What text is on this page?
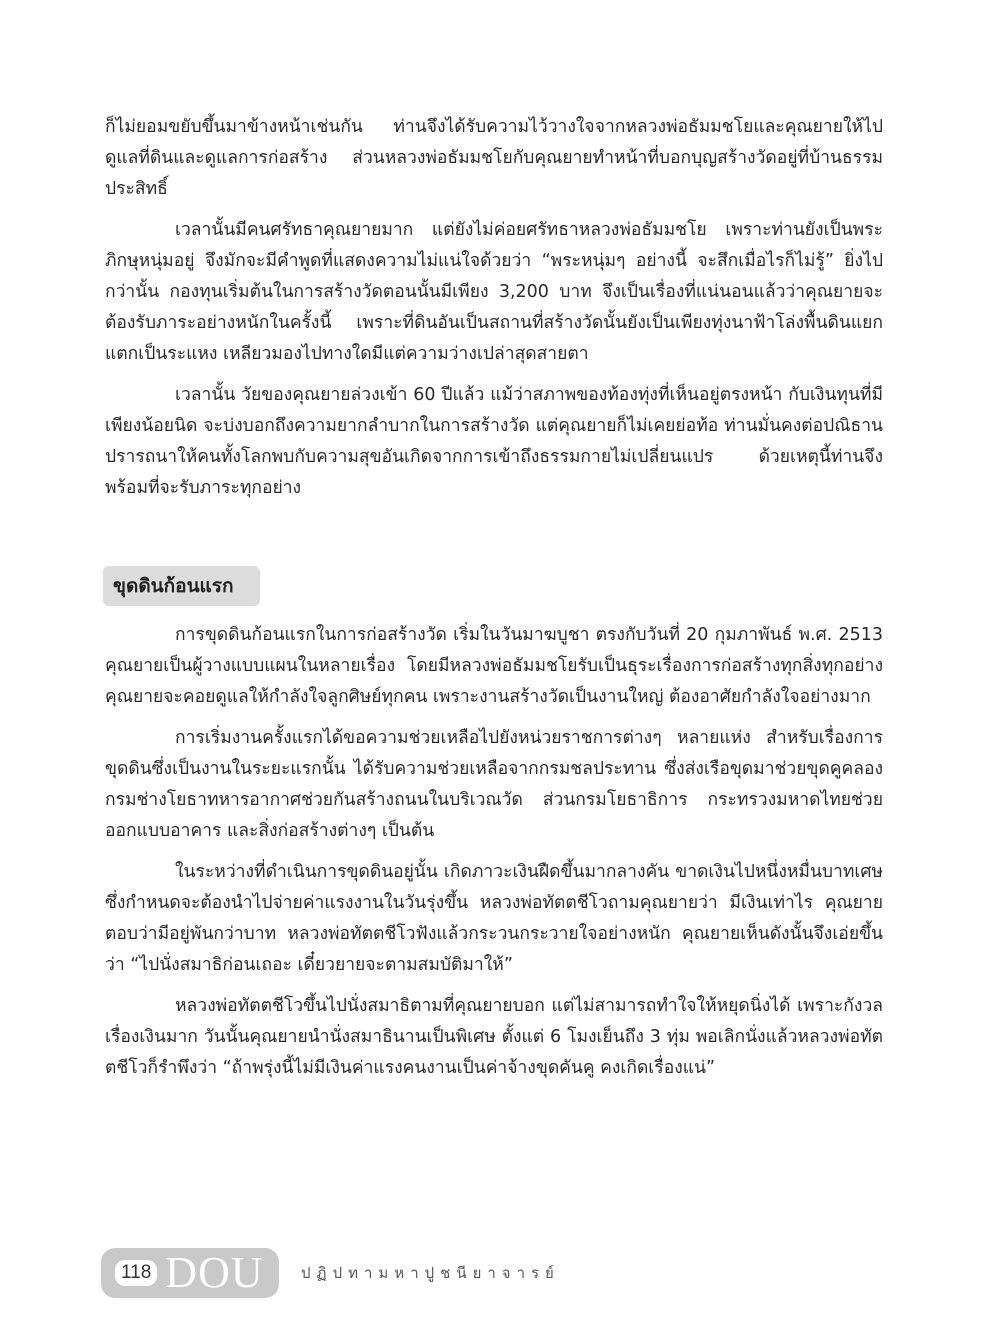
ก็ไม่ยอมขยับขึ้นมาข้างหน้าเช่นกัน ท่านจึงได้รับความไว้วางใจจากหลวงพ่อธัมมชโยและคุณยายให้ไปดูแลที่ดินและดูแลการก่อสร้าง ส่วนหลวงพ่อธัมมชโยกับคุณยายทำหน้าที่บอกบุญสร้างวัดอยู่ที่บ้านธรรมประสิทธิ์

เวลานั้นมีคนศรัทธาคุณยายมาก แต่ยังไม่ค่อยศรัทธาหลวงพ่อธัมมชโย เพราะท่านยังเป็นพระภิกษุหนุ่มอยู่ จึงมักจะมีคำพูดที่แสดงความไม่แน่ใจด้วยว่า “พระหนุ่มๆ อย่างนี้ จะสึกเมื่อไรก็ไม่รู้” ยิ่งไปกว่านั้น กองทุนเริ่มต้นในการสร้างวัดตอนนั้นมีเพียง 3,200 บาท จึงเป็นเรื่องที่แน่นอนแล้วว่าคุณยายจะต้องรับภาระอย่างหนักในครั้งนี้ เพราะที่ดินอันเป็นสถานที่สร้างวัดนั้นยังเป็นเพียงทุ่งนาฟ้าโล่งพื้นดินแยกแตกเป็นระแหง เหลียวมองไปทางใดมีแต่ความว่างเปล่าสุดสายตา

เวลานั้น วัยของคุณยายล่วงเข้า 60 ปีแล้ว แม้ว่าสภาพของท้องทุ่งที่เห็นอยู่ตรงหน้า กับเงินทุนที่มีเพียงน้อยนิด จะบ่งบอกถึงความยากลำบากในการสร้างวัด แต่คุณยายก็ไม่เคยย่อท้อ ท่านมั่นคงต่อปณิธาน ปรารถนาให้คนทั้งโลกพบกับความสุขอันเกิดจากการเข้าถึงธรรมกายไม่เปลี่ยนแปร ด้วยเหตุนี้ท่านจึงพร้อมที่จะรับภาระทุกอย่าง

ขุดดินก้อนแรก

การขุดดินก้อนแรกในการก่อสร้างวัด เริ่มในวันมาฆบูชา ตรงกับวันที่ 20 กุมภาพันธ์ พ.ศ. 2513 คุณยายเป็นผู้วางแบบแผนในหลายเรื่อง โดยมีหลวงพ่อธัมมชโยรับเป็นธุระเรื่องการก่อสร้างทุกสิ่งทุกอย่าง คุณยายจะคอยดูแลให้กำลังใจลูกศิษย์ทุกคน เพราะงานสร้างวัดเป็นงานใหญ่ ต้องอาศัยกำลังใจอย่างมาก

การเริ่มงานครั้งแรกได้ขอความช่วยเหลือไปยังหน่วยราชการต่างๆ หลายแห่ง สำหรับเรื่องการขุดดินซึ่งเป็นงานในระยะแรกนั้น ได้รับความช่วยเหลือจากกรมชลประทาน ซึ่งส่งเรือขุดมาช่วยขุดคูคลอง กรมช่างโยธาทหารอากาศช่วยกันสร้างถนนในบริเวณวัด ส่วนกรมโยธาธิการ กระทรวงมหาดไทยช่วยออกแบบอาคาร และสิ่งก่อสร้างต่างๆ เป็นต้น

ในระหว่างที่ดำเนินการขุดดินอยู่นั้น เกิดภาวะเงินฝืดขึ้นมากลางคัน ขาดเงินไปหนึ่งหมื่นบาทเศษซึ่งกำหนดจะต้องนำไปจ่ายค่าแรงงานในวันรุ่งขึ้น หลวงพ่อทัตตชีโวถามคุณยายว่า มีเงินเท่าไร คุณยายตอบว่ามีอยู่พันกว่าบาท หลวงพ่อทัตตชีโวฟังแล้วกระวนกระวายใจอย่างหนัก คุณยายเห็นดังนั้นจึงเอ่ยขึ้นว่า “ไปนั่งสมาธิก่อนเถอะ เดี๋ยวยายจะตามสมบัติมาให้”

หลวงพ่อทัตตชีโวขึ้นไปนั่งสมาธิตามที่คุณยายบอก แต่ไม่สามารถทำใจให้หยุดนิ่งได้ เพราะกังวลเรื่องเงินมาก วันนั้นคุณยายนำนั่งสมาธินานเป็นพิเศษ ตั้งแต่ 6 โมงเย็นถึง 3 ทุ่ม พอเลิกนั่งแล้วหลวงพ่อทัตตชีโวก็รำพึงว่า “ถ้าพรุ่งนี้ไม่มีเงินค่าแรงคนงานเป็นค่าจ้างขุดคันคู คงเกิดเรื่องแน่”

118 DOU ปฏิปทามหาปูชนียาจารย์
